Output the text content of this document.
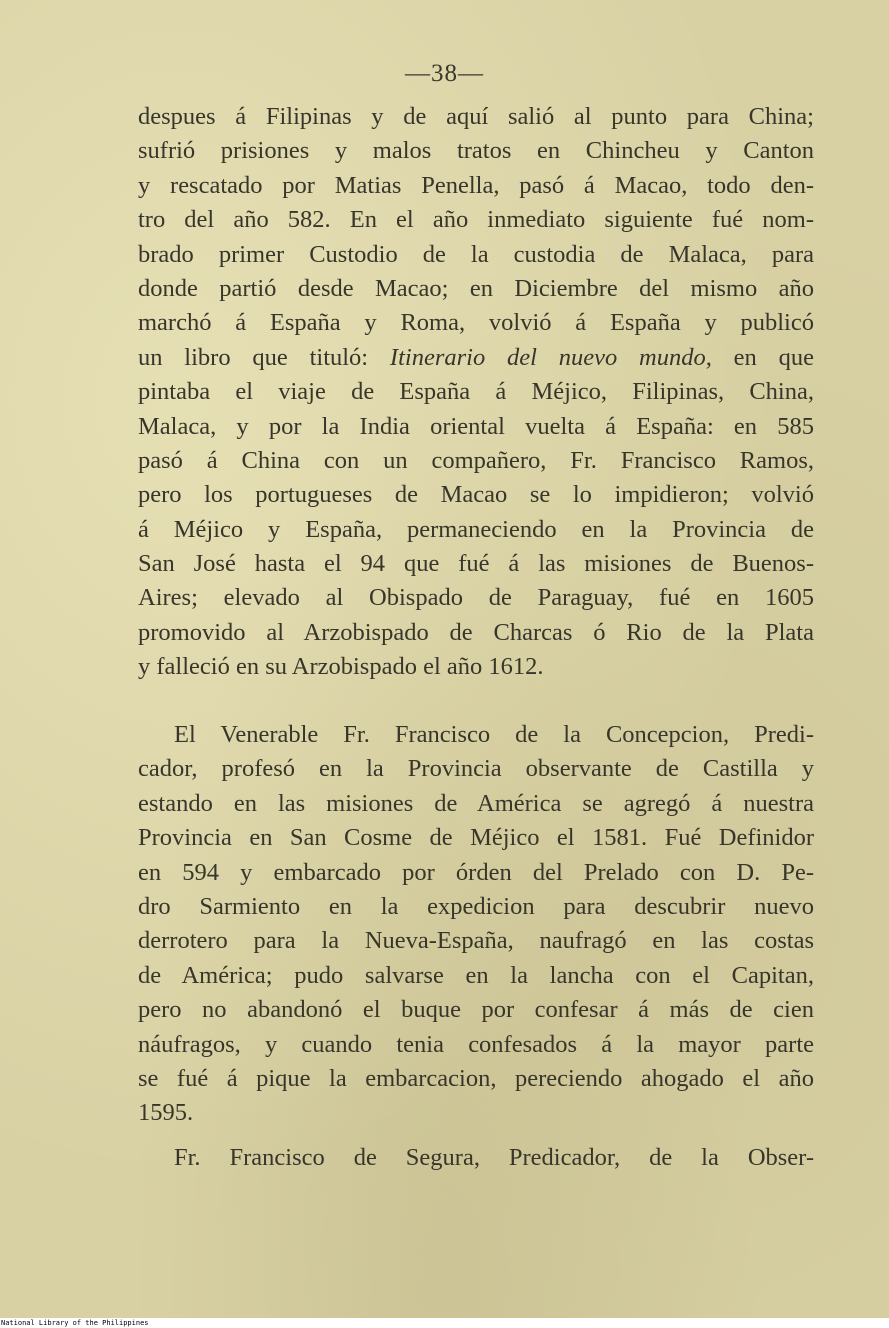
—38—
despues á Filipinas y de aquí salió al punto para China;
sufrió prisiones y malos tratos en Chincheu y Canton
y rescatado por Matias Penella, pasó á Macao, todo den-
tro del año 582. En el año inmediato siguiente fué nom-
brado primer Custodio de la custodia de Malaca, para
donde partió desde Macao; en Diciembre del mismo año
marchó á España y Roma, volvió á España y publicó
un libro que tituló: Itinerario del nuevo mundo, en que
pintaba el viaje de España á Méjico, Filipinas, China,
Malaca, y por la India oriental vuelta á España: en 585
pasó á China con un compañero, Fr. Francisco Ramos,
pero los portugueses de Macao se lo impidieron; volvió
á Méjico y España, permaneciendo en la Provincia de
San José hasta el 94 que fué á las misiones de Buenos-
Aires; elevado al Obispado de Paraguay, fué en 1605
promovido al Arzobispado de Charcas ó Rio de la Plata
y falleció en su Arzobispado el año 1612.
El Venerable Fr. Francisco de la Concepcion, Predi-
cador, profesó en la Provincia observante de Castilla y
estando en las misiones de América se agregó á nuestra
Provincia en San Cosme de Méjico el 1581. Fué Definidor
en 594 y embarcado por órden del Prelado con D. Pe-
dro Sarmiento en la expedicion para descubrir nuevo
derrotero para la Nueva-España, naufragó en las costas
de América; pudo salvarse en la lancha con el Capitan,
pero no abandonó el buque por confesar á más de cien
náufragos, y cuando tenia confesados á la mayor parte
se fué á pique la embarcacion, pereciendo ahogado el año
1595.
Fr. Francisco de Segura, Predicador, de la Obser-
National Library of the Philippines
